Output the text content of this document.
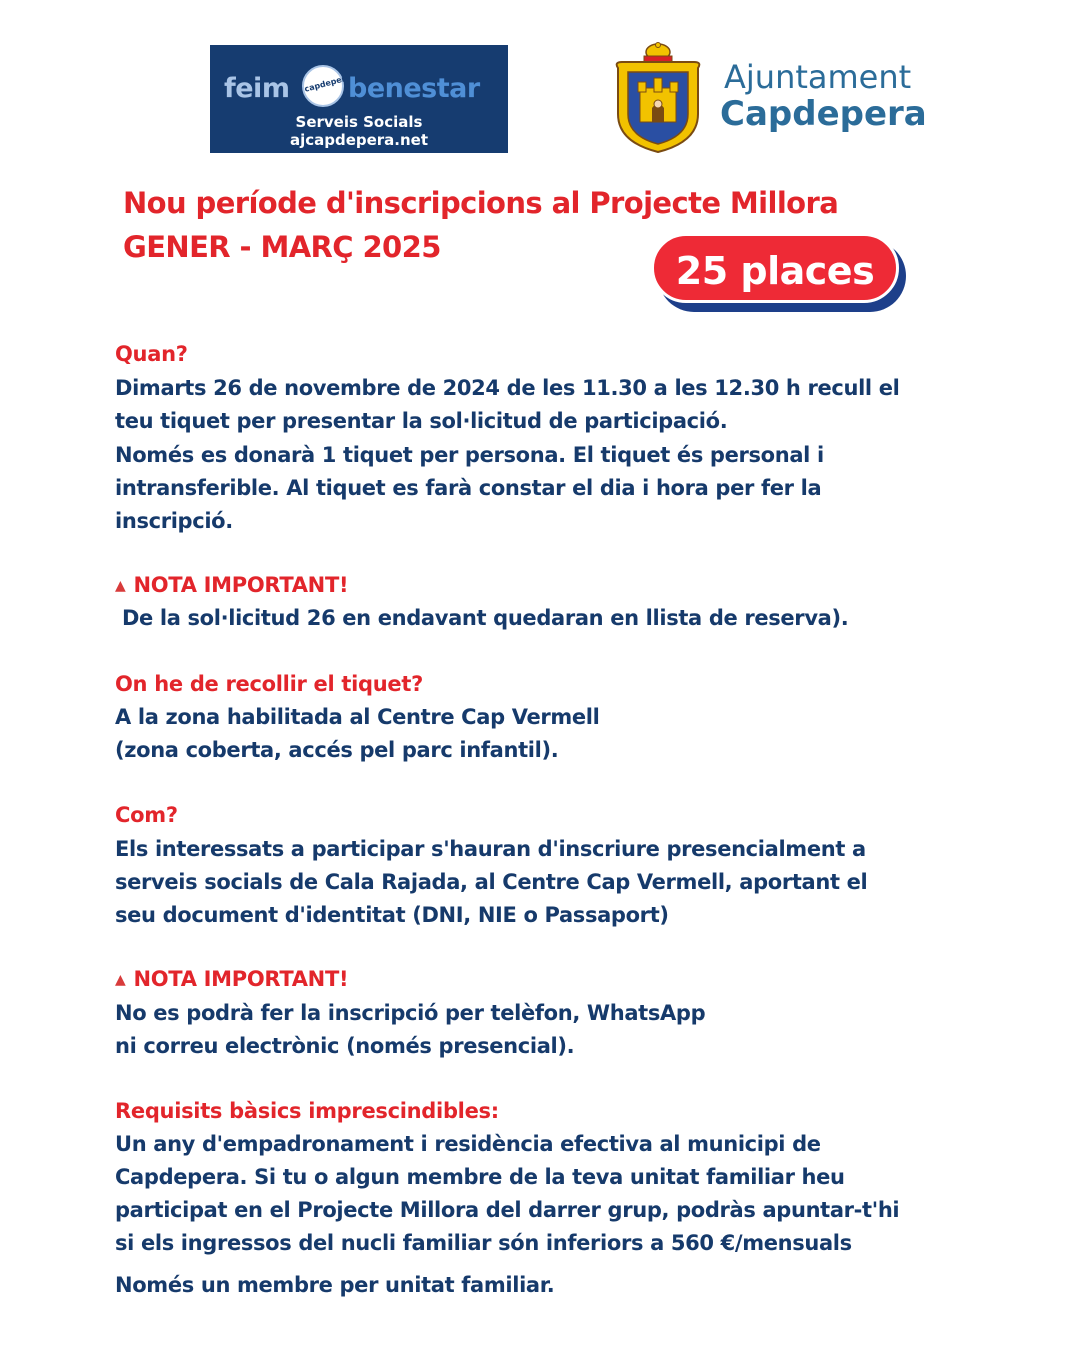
feim capdepera
benestar
Serveis Socials
ajcapdepera.net
Ajuntament
Capdepera
Nou període d'inscripcions al Projecte Millora
GENER - MARÇ 2025
25 places
Quan?
Dimarts 26 de novembre de 2024 de les 11.30 a les 12.30 h recull el
teu tiquet per presentar la sol·licitud de participació.
Només es donarà 1 tiquet per persona. El tiquet és personal i
intransferible. Al tiquet es farà constar el dia i hora per fer la
inscripció.
▲ NOTA IMPORTANT!
De la sol·licitud 26 en endavant quedaran en llista de reserva).
On he de recollir el tiquet?
A la zona habilitada al Centre Cap Vermell
(zona coberta, accés pel parc infantil).
Com?
Els interessats a participar s'hauran d'inscriure presencialment a
serveis socials de Cala Rajada, al Centre Cap Vermell, aportant el
seu document d'identitat (DNI, NIE o Passaport)
▲ NOTA IMPORTANT!
No es podrà fer la inscripció per telèfon, WhatsApp
ni correu electrònic (només presencial).
Requisits bàsics imprescindibles:
Un any d'empadronament i residència efectiva al municipi de
Capdepera. Si tu o algun membre de la teva unitat familiar heu
participat en el Projecte Millora del darrer grup, podràs apuntar-t'hi
si els ingressos del nucli familiar són inferiors a 560 €/mensuals
Només un membre per unitat familiar.
